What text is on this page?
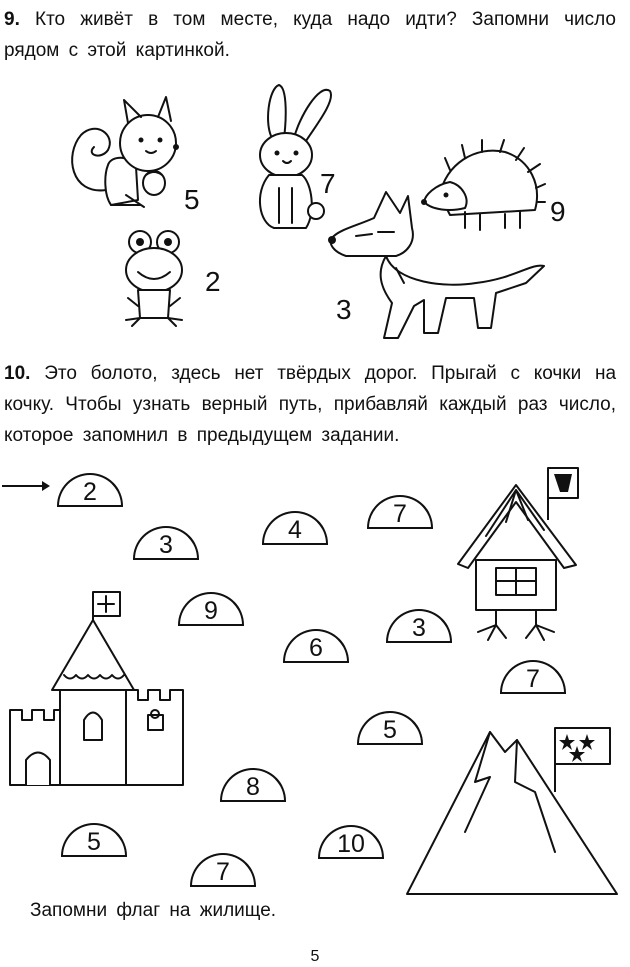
9. Кто живёт в том месте, куда надо идти? Запомни число рядом с этой картинкой.

5
7
9
2
3

10. Это болото, здесь нет твёрдых дорог. Прыгай с кочки на кочку. Чтобы узнать верный путь, прибавляй каждый раз число, которое запомнил в предыдущем задании.

2
3
4
7
9
6
3
7
5
8
5	10
7

Запомни флаг на жилище.

5
